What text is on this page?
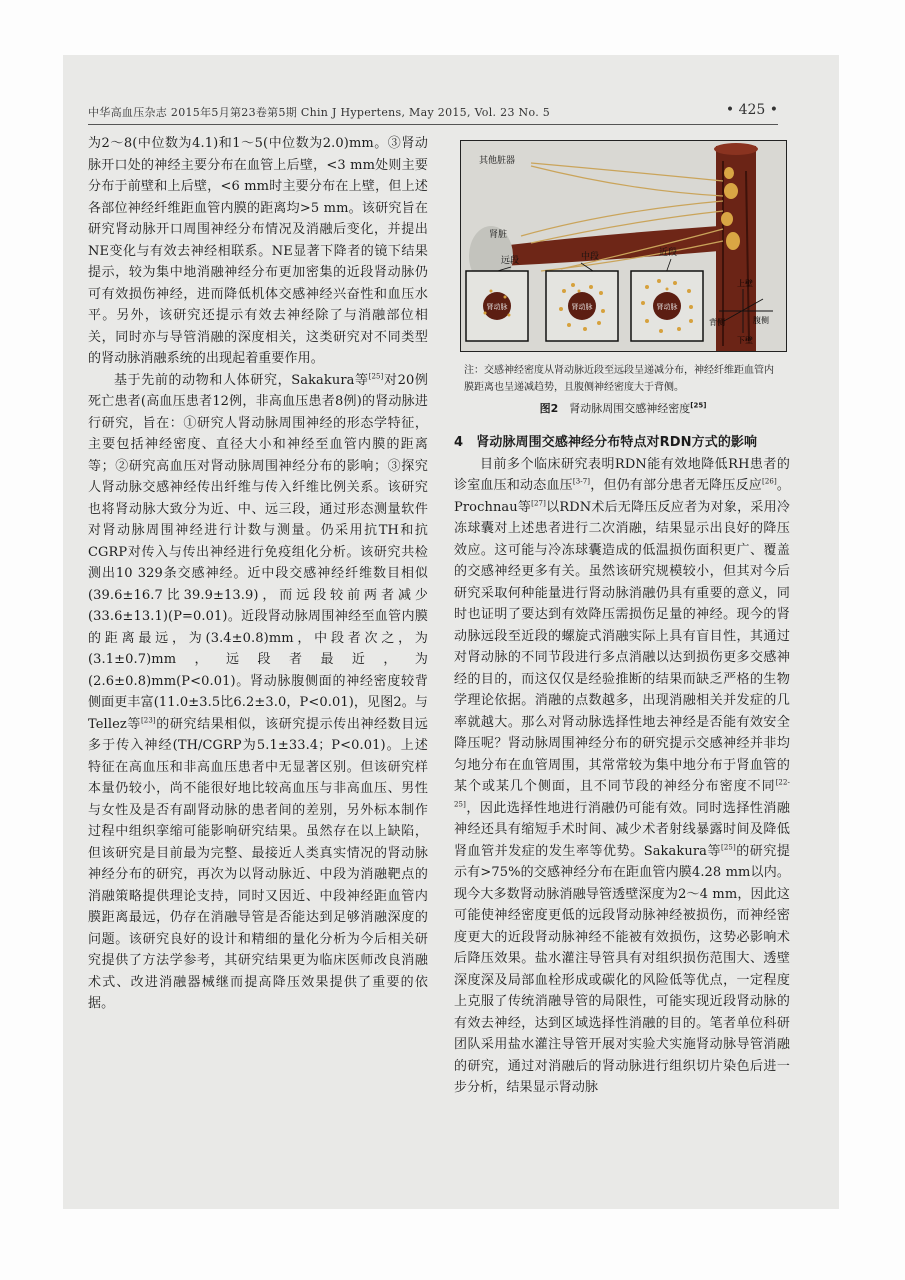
中华高血压杂志 2015年5月第23卷第5期 Chin J Hypertens, May 2015, Vol. 23 No. 5	• 425 •

为2～8(中位数为4.1)和1～5(中位数为2.0)mm。③肾动脉开口处的神经主要分布在血管上后壁，<3 mm处则主要分布于前壁和上后壁，<6 mm时主要分布在上壁，但上述各部位神经纤维距血管内膜的距离均>5 mm。该研究旨在研究肾动脉开口周围神经分布情况及消融后变化，并提出NE变化与有效去神经相联系。NE显著下降者的镜下结果提示，较为集中地消融神经分布更加密集的近段肾动脉仍可有效损伤神经，进而降低机体交感神经兴奋性和血压水平。另外，该研究还提示有效去神经除了与消融部位相关，同时亦与导管消融的深度相关，这类研究对不同类型的肾动脉消融系统的出现起着重要作用。

基于先前的动物和人体研究，Sakakura等[25]对20例死亡患者(高血压患者12例，非高血压患者8例)的肾动脉进行研究，旨在：①研究人肾动脉周围神经的形态学特征，主要包括神经密度、直径大小和神经至血管内膜的距离等；②研究高血压对肾动脉周围神经分布的影响；③探究人肾动脉交感神经传出纤维与传入纤维比例关系。该研究也将肾动脉大致分为近、中、远三段，通过形态测量软件对肾动脉周围神经进行计数与测量。仍采用抗TH和抗CGRP对传入与传出神经进行免疫组化分析。该研究共检测出10 329条交感神经。近中段交感神经纤维数目相似(39.6±16.7比39.9±13.9)，而远段较前两者减少(33.6±13.1)(P=0.01)。近段肾动脉周围神经至血管内膜的距离最远，为(3.4±0.8)mm，中段者次之，为(3.1±0.7)mm，远段者最近，为(2.6±0.8)mm(P<0.01)。肾动脉腹侧面的神经密度较背侧面更丰富(11.0±3.5比6.2±3.0，P<0.01)，见图2。与Tellez等[23]的研究结果相似，该研究提示传出神经数目远多于传入神经(TH/CGRP为5.1±33.4；P<0.01)。上述特征在高血压和非高血压患者中无显著区别。但该研究样本量仍较小，尚不能很好地比较高血压与非高血压、男性与女性及是否有副肾动脉的患者间的差别，另外标本制作过程中组织挛缩可能影响研究结果。虽然存在以上缺陷，但该研究是目前最为完整、最接近人类真实情况的肾动脉神经分布的研究，再次为以肾动脉近、中段为消融靶点的消融策略提供理论支持，同时又因近、中段神经距血管内膜距离最远，仍存在消融导管是否能达到足够消融深度的问题。该研究良好的设计和精细的量化分析为今后相关研究提供了方法学参考，其研究结果更为临床医师改良消融术式、改进消融器械继而提高降压效果提供了重要的依据。

其他脏器
肾脏
远段	中段	近段
肾动脉	肾动脉	肾动脉
上壁
下壁
背侧	腹侧
注：交感神经密度从肾动脉近段至远段呈递减分布，神经纤维距血管内膜距离也呈递减趋势，且腹侧神经密度大于背侧。
图2　 肾动脉周围交感神经密度[25]

4　肾动脉周围交感神经分布特点对RDN方式的影响

目前多个临床研究表明RDN能有效地降低RH患者的诊室血压和动态血压[3-7]，但仍有部分患者无降压反应[26]。Prochnau等[27]以RDN术后无降压反应者为对象，采用冷冻球囊对上述患者进行二次消融，结果显示出良好的降压效应。这可能与冷冻球囊造成的低温损伤面积更广、覆盖的交感神经更多有关。虽然该研究规模较小，但其对今后研究采取何种能量进行肾动脉消融仍具有重要的意义，同时也证明了要达到有效降压需损伤足量的神经。现今的肾动脉远段至近段的螺旋式消融实际上具有盲目性，其通过对肾动脉的不同节段进行多点消融以达到损伤更多交感神经的目的，而这仅仅是经验推断的结果而缺乏严格的生物学理论依据。消融的点数越多，出现消融相关并发症的几率就越大。那么对肾动脉选择性地去神经是否能有效安全降压呢？肾动脉周围神经分布的研究提示交感神经并非均匀地分布在血管周围，其常常较为集中地分布于肾血管的某个或某几个侧面，且不同节段的神经分布密度不同[22-25]，因此选择性地进行消融仍可能有效。同时选择性消融神经还具有缩短手术时间、减少术者射线暴露时间及降低肾血管并发症的发生率等优势。Sakakura等[25]的研究提示有>75%的交感神经分布在距血管内膜4.28 mm以内。现今大多数肾动脉消融导管透壁深度为2～4 mm，因此这可能使神经密度更低的远段肾动脉神经被损伤，而神经密度更大的近段肾动脉神经不能被有效损伤，这势必影响术后降压效果。盐水灌注导管具有对组织损伤范围大、透壁深度深及局部血栓形成或碳化的风险低等优点，一定程度上克服了传统消融导管的局限性，可能实现近段肾动脉的有效去神经，达到区域选择性消融的目的。笔者单位科研团队采用盐水灌注导管开展对实验犬实施肾动脉导管消融的研究，通过对消融后的肾动脉进行组织切片染色后进一步分析，结果显示肾动脉
